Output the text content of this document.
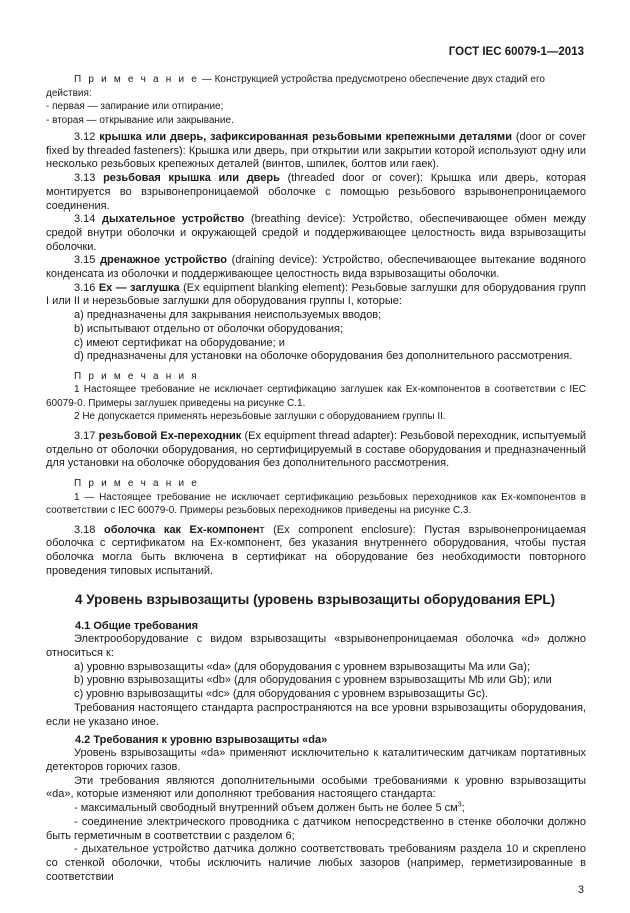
ГОСТ IEC 60079-1—2013

П р и м е ч а н и е — Конструкцией устройства предусмотрено обеспечение двух стадий его действия:

- первая — запирание или отпирание;

- вторая — открывание или закрывание.

3.12 крышка или дверь, зафиксированная резьбовыми крепежными деталями (door or cover fixed by threaded fasteners): Крышка или дверь, при открытии или закрытии которой используют одну или несколько резьбовых крепежных деталей (винтов, шпилек, болтов или гаек).

3.13 резьбовая крышка или дверь (threaded door or cover): Крышка или дверь, которая монтируется во взрывонепроницаемой оболочке с помощью резьбового взрывонепроницаемого соединения.

3.14 дыхательное устройство (breathing device): Устройство, обеспечивающее обмен между средой внутри оболочки и окружающей средой и поддерживающее целостность вида взрывозащиты оболочки.

3.15 дренажное устройство (draining device): Устройство, обеспечивающее вытекание водяного конденсата из оболочки и поддерживающее целостность вида взрывозащиты оболочки.

3.16 Ex — заглушка (Ex equipment blanking element): Резьбовые заглушки для оборудования групп I или II и нерезьбовые заглушки для оборудования группы I, которые:

а) предназначены для закрывания неиспользуемых вводов;

b) испытывают отдельно от оболочки оборудования;

c) имеют сертификат на оборудование; и

d) предназначены для установки на оболочке оборудования без дополнительного рассмотрения.

П р и м е ч а н и я

1 Настоящее требование не исключает сертификацию заглушек как Ex-компонентов в соответствии с IEC 60079-0. Примеры заглушек приведены на рисунке С.1.

2 Не допускается применять нерезьбовые заглушки с оборудованием группы II.

3.17 резьбовой Ex-переходник (Ex equipment thread adapter): Резьбовой переходник, испытуемый отдельно от оболочки оборудования, но сертифицируемый в составе оборудования и предназначенный для установки на оболочке оборудования без дополнительного рассмотрения.

П р и м е ч а н и е

1 — Настоящее требование не исключает сертификацию резьбовых переходников как Ex-компонентов в соответствии с IEC 60079-0. Примеры резьбовых переходников приведены на рисунке С.3.

3.18 оболочка как Ex-компонент (Ex component enclosure): Пустая взрывонепроницаемая оболочка с сертификатом на Ex-компонент, без указания внутреннего оборудования, чтобы пустая оболочка могла быть включена в сертификат на оборудование без необходимости повторного проведения типовых испытаний.

4 Уровень взрывозащиты (уровень взрывозащиты оборудования EPL)
4.1 Общие требования

Электрооборудование с видом взрывозащиты «взрывонепроницаемая оболочка «d» должно относиться к:

а) уровню взрывозащиты «da» (для оборудования с уровнем взрывозащиты Ma или Ga);

b) уровню взрывозащиты «db» (для оборудования с уровнем взрывозащиты Mb или Gb); или

c) уровню взрывозащиты «dc» (для оборудования с уровнем взрывозащиты Gc).

Требования настоящего стандарта распространяются на все уровни взрывозащиты оборудования, если не указано иное.

4.2 Требования к уровню взрывозащиты «da»

Уровень взрывозащиты «da» применяют исключительно к каталитическим датчикам портативных детекторов горючих газов.

Эти требования являются дополнительными особыми требованиями к уровню взрывозащиты «da», которые изменяют или дополняют требования настоящего стандарта:

- максимальный свободный внутренний объем должен быть не более 5 $см^3$;

- соединение электрического проводника с датчиком непосредственно в стенке оболочки должно быть герметичным в соответствии с разделом 6;

- дыхательное устройство датчика должно соответствовать требованиям раздела 10 и скреплено со стенкой оболочки, чтобы исключить наличие любых зазоров (например, герметизированные в соответствии

3
